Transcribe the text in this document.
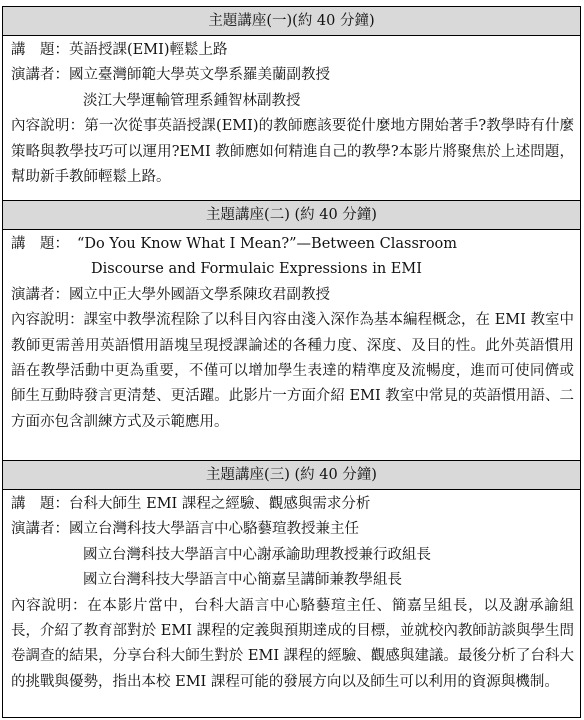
主題講座(一)(約 40 分鐘)
講　題： 英語授課(EMI)輕鬆上路
演講者： 國立臺灣師範大學英文學系羅美蘭副教授
淡江大學運輸管理系鍾智林副教授
內容說明：第一次從事英語授課(EMI)的教師應該要從什麼地方開始著手?教學時有什麼策略與教學技巧可以運用?EMI 教師應如何精進自己的教學?本影片將聚焦於上述問題，幫助新手教師輕鬆上路。
主題講座(二) (約 40 分鐘)
講　題： “Do You Know What I Mean?”—Between Classroom
Discourse and Formulaic Expressions in EMI
演講者： 國立中正大學外國語文學系陳玫君副教授
內容說明：課室中教學流程除了以科目內容由淺入深作為基本編程概念，在 EMI 教室中教師更需善用英語慣用語塊呈現授課論述的各種力度、深度、及目的性。此外英語慣用語在教學活動中更為重要，不僅可以增加學生表達的精準度及流暢度，進而可使同儕或師生互動時發言更清楚、更活躍。此影片一方面介紹 EMI 教室中常見的英語慣用語、二方面亦包含訓練方式及示範應用。
主題講座(三) (約 40 分鐘)
講　題： 台科大師生 EMI 課程之經驗、觀感與需求分析
演講者： 國立台灣科技大學語言中心駱藝瑄教授兼主任
國立台灣科技大學語言中心謝承諭助理教授兼行政組長
國立台灣科技大學語言中心簡嘉呈講師兼教學組長
內容說明：在本影片當中，台科大語言中心駱藝瑄主任、簡嘉呈組長，以及謝承諭組長，介紹了教育部對於 EMI 課程的定義與預期達成的目標，並就校內教師訪談與學生問卷調查的結果，分享台科大師生對於 EMI 課程的經驗、觀感與建議。最後分析了台科大的挑戰與優勢，指出本校 EMI 課程可能的發展方向以及師生可以利用的資源與機制。
